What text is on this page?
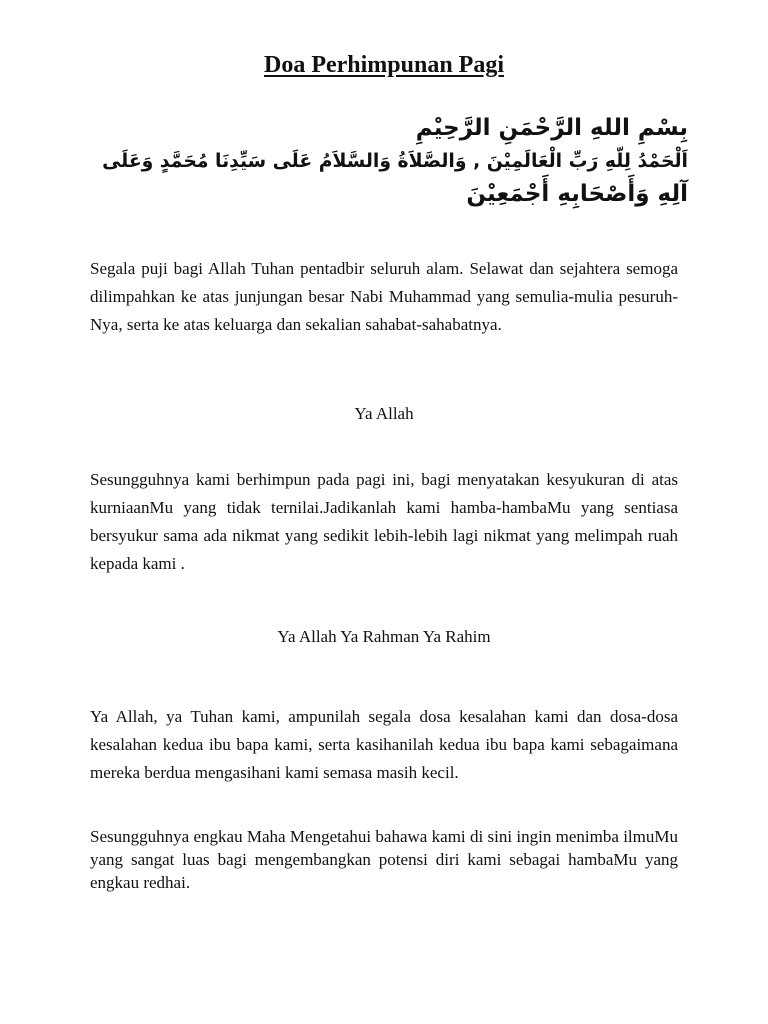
Doa Perhimpunan Pagi
بِسْمِ اللهِ الرَّحْمَنِ الرَّحِيْمِ
اَلْحَمْدُ لِلّهِ رَبِّ الْعَالَمِيْنَ , وَالصَّلاَةُ وَالسَّلاَمُ عَلَى سَيِّدِنَا مُحَمَّدٍ وَعَلَى
آلِهِ وَأَصْحَابِهِ أَجْمَعِيْنَ

Segala puji bagi Allah Tuhan pentadbir seluruh alam. Selawat dan sejahtera semoga dilimpahkan ke atas junjungan besar Nabi Muhammad yang semulia-mulia pesuruh-Nya, serta ke atas keluarga dan sekalian sahabat-sahabatnya.

Ya Allah

Sesungguhnya kami berhimpun pada pagi ini, bagi menyatakan kesyukuran di atas kurniaanMu yang tidak ternilai.Jadikanlah kami hamba-hambaMu yang sentiasa bersyukur sama ada nikmat yang sedikit lebih-lebih lagi nikmat yang melimpah ruah kepada kami .

Ya Allah Ya Rahman Ya Rahim

Ya Allah, ya Tuhan kami, ampunilah segala dosa kesalahan kami dan dosa-dosa kesalahan kedua ibu bapa kami, serta kasihanilah kedua ibu bapa kami sebagaimana mereka berdua mengasihani kami semasa masih kecil.

Sesungguhnya engkau Maha Mengetahui bahawa kami di sini ingin menimba ilmuMu yang sangat luas bagi mengembangkan potensi diri kami sebagai hambaMu yang engkau redhai.
